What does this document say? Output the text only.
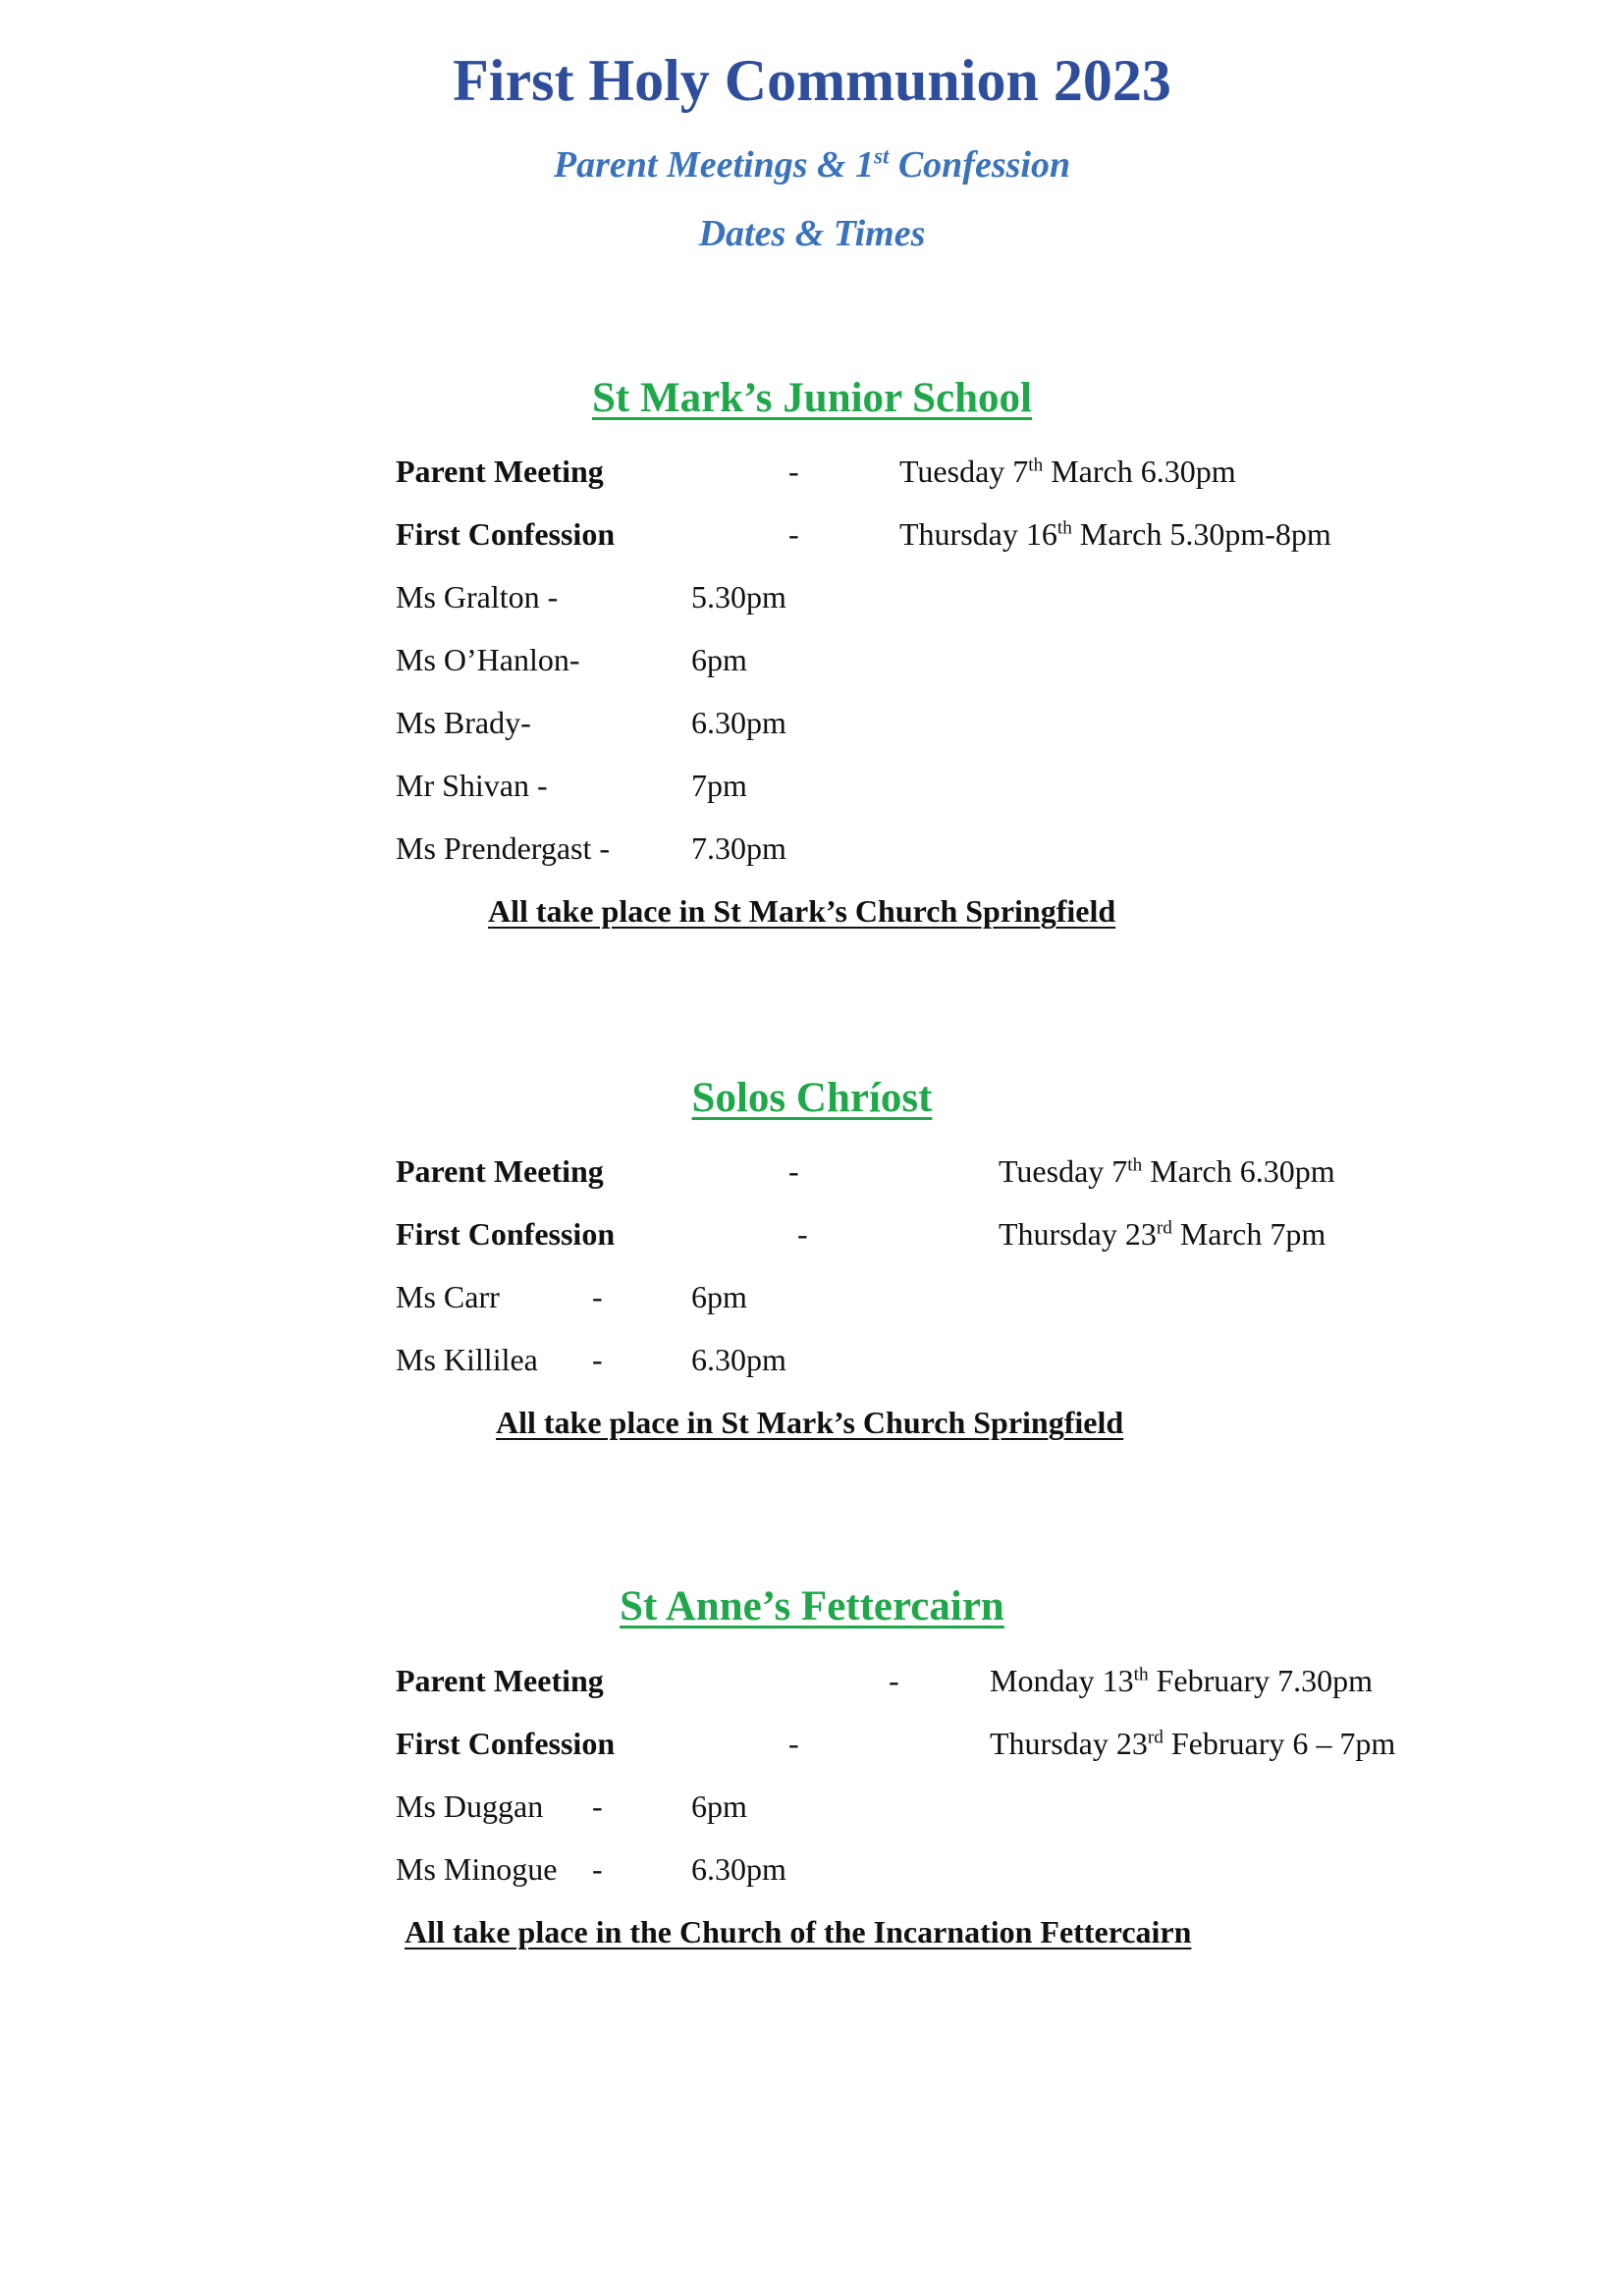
First Holy Communion 2023
Parent Meetings & 1st Confession
Dates & Times
St Mark’s Junior School
Parent Meeting	-	Tuesday 7th March 6.30pm
First Confession	-	Thursday 16th March 5.30pm-8pm
Ms Gralton -	5.30pm
Ms O’Hanlon-	6pm
Ms Brady-	6.30pm
Mr Shivan -	7pm
Ms Prendergast -	7.30pm
All take place in St Mark’s Church Springfield
Solos Chríost
Parent Meeting	-	Tuesday 7th March 6.30pm
First Confession	-	Thursday 23rd March 7pm
Ms Carr	-	6pm
Ms Killilea -	6.30pm
All take place in St Mark’s Church Springfield
St Anne’s Fettercairn
Parent Meeting	-	Monday 13th February 7.30pm
First Confession	-	Thursday 23rd February 6 – 7pm
Ms Duggan -	6pm
Ms Minogue -	6.30pm
All take place in the Church of the Incarnation Fettercairn
